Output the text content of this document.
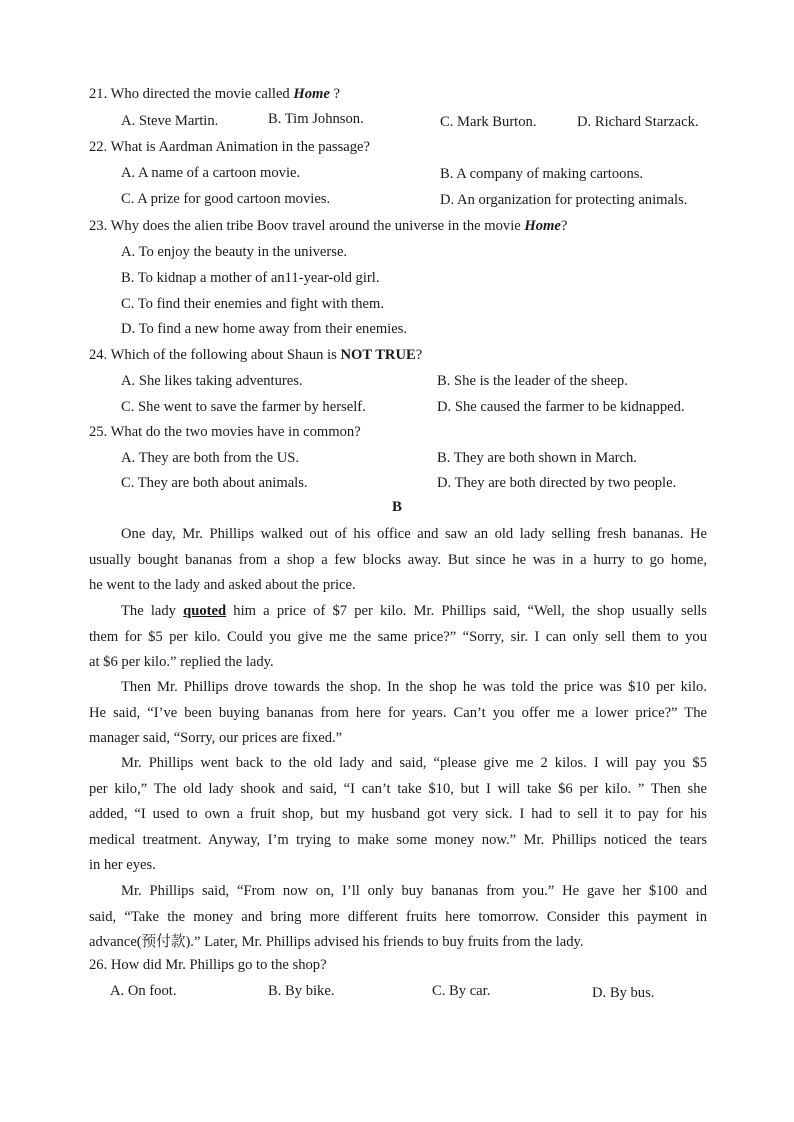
21. Who directed the movie called Home ?
A. Steve Martin.	B. Tim Johnson.	C. Mark Burton.	D. Richard Starzack.
22. What is Aardman Animation in the passage?
A. A name of a cartoon movie.	B. A company of making cartoons.
C. A prize for good cartoon movies.	D. An organization for protecting animals.
23. Why does the alien tribe Boov travel around the universe in the movie Home?
A. To enjoy the beauty in the universe.
B. To kidnap a mother of an11-year-old girl.
C. To find their enemies and fight with them.
D. To find a new home away from their enemies.
24. Which of the following about Shaun is NOT TRUE?
A. She likes taking adventures.	B. She is the leader of the sheep.
C. She went to save the farmer by herself.	D. She caused the farmer to be kidnapped.
25. What do the two movies have in common?
A. They are both from the US.	B. They are both shown in March.
C. They are both about animals.	D. They are both directed by two people.
B
One day, Mr. Phillips walked out of his office and saw an old lady selling fresh bananas. He
usually bought bananas from a shop a few blocks away. But since he was in a hurry to go home,
he went to the lady and asked about the price.
The lady quoted him a price of $7 per kilo. Mr. Phillips said, “Well, the shop usually sells
them for $5 per kilo. Could you give me the same price?” “Sorry, sir. I can only sell them to you
at $6 per kilo.” replied the lady.
Then Mr. Phillips drove towards the shop. In the shop he was told the price was $10 per kilo.
He said, “I’ve been buying bananas from here for years. Can’t you offer me a lower price?” The
manager said, “Sorry, our prices are fixed.”
Mr. Phillips went back to the old lady and said, “please give me 2 kilos. I will pay you $5
per kilo,” The old lady shook and said, “I can’t take $10, but I will take $6 per kilo. ” Then she
added, “I used to own a fruit shop, but my husband got very sick. I had to sell it to pay for his
medical treatment. Anyway, I’m trying to make some money now.” Mr. Phillips noticed the tears
in her eyes.
Mr. Phillips said, “From now on, I’ll only buy bananas from you.” He gave her $100 and
said, “Take the money and bring more different fruits here tomorrow. Consider this payment in
advance(预付款).” Later, Mr. Phillips advised his friends to buy fruits from the lady.
26. How did Mr. Phillips go to the shop?
A. On foot.	B. By bike.	C. By car.	D. By bus.
